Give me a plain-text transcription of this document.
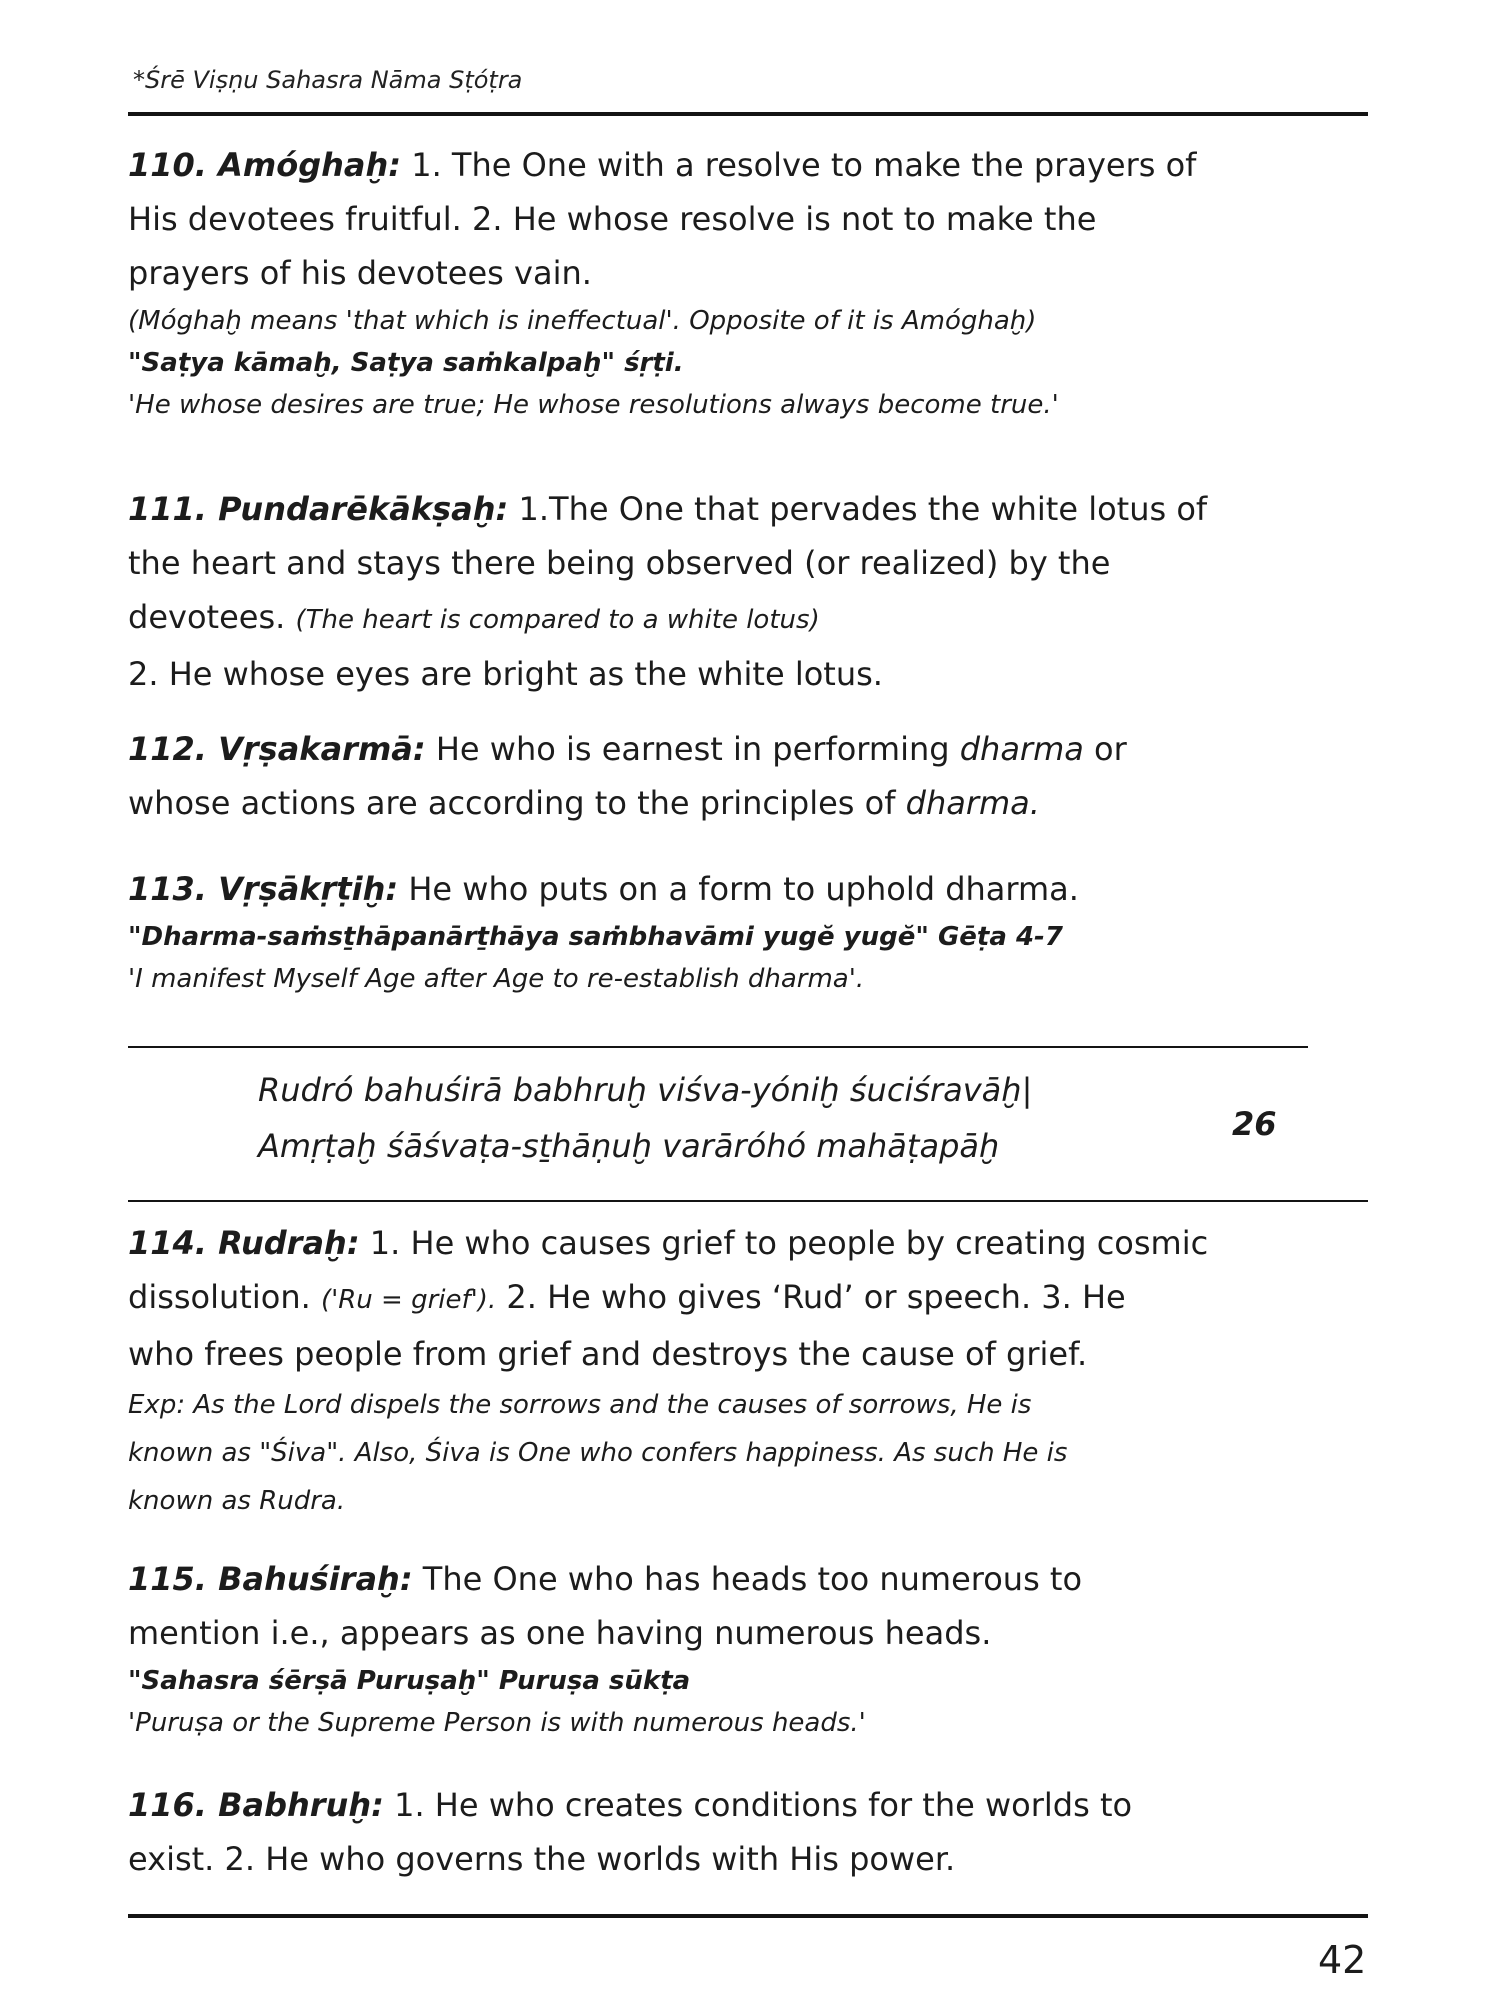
*Śrē Viṣṇu Sahasra Nāma Sṭóṭra
110. Amóghaḫ: 1. The One with a resolve to make the prayers of
His devotees fruitful. 2. He whose resolve is not to make the
prayers of his devotees vain.
(Móghaḫ means 'that which is ineffectual'. Opposite of it is Amóghaḫ)
"Saṭya kāmaḫ, Saṭya saṁkalpaḫ" śṛṭi.
'He whose desires are true; He whose resolutions always become true.'
111. Pundarēkākṣaḫ: 1.The One that pervades the white lotus of
the heart and stays there being observed (or realized) by the
devotees. (The heart is compared to a white lotus)
2. He whose eyes are bright as the white lotus.
112. Vṛṣakarmā: He who is earnest in performing dharma or
whose actions are according to the principles of dharma.
113. Vṛṣākṛṭiḫ: He who puts on a form to uphold dharma.
"Dharma-saṁsṯhāpanārṯhāya saṁbhavāmi yugĕ yugĕ" Gēṭa 4-7
'I manifest Myself Age after Age to re-establish dharma'.
Rudró bahuśirā babhruḫ viśva-yóniḫ śuciśravāḫ|
Amṛṭaḫ śāśvaṭa-sṯhāṇuḫ varāróhó mahāṭapāḫ
26
114. Rudraḫ: 1. He who causes grief to people by creating cosmic
dissolution. ('Ru = grief'). 2. He who gives ‘Rud’ or speech. 3. He
who frees people from grief and destroys the cause of grief.
Exp: As the Lord dispels the sorrows and the causes of sorrows, He is
known as "Śiva". Also, Śiva is One who confers happiness. As such He is
known as Rudra.
115. Bahuśiraḫ: The One who has heads too numerous to
mention i.e., appears as one having numerous heads.
"Sahasra śērṣā Puruṣaḫ" Puruṣa sūkṭa
'Puruṣa or the Supreme Person is with numerous heads.'
116. Babhruḫ: 1. He who creates conditions for the worlds to
exist. 2. He who governs the worlds with His power.
42
